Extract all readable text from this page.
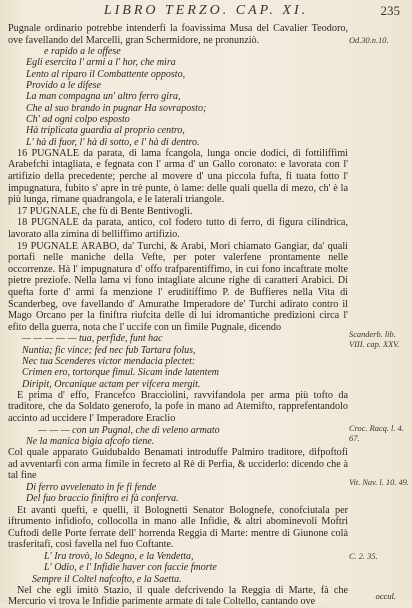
LIBRO TERZO. CAP. XI.	235

Pugnale ordinario potrebbe intenderfi la foavissima Musa del Cavalier Teodoro, ove favellando del Marcelli, gran Schermidore, ne pronunziò.

e rapido a le offese
Egli esercita l' armi a l' hor, che mira
Lento al riparo il Combattente opposto,
Provido a le difese
La man compagna un' altro ferro gira,
Che al suo brando in pugnar Ha sovraposto;
Ch' ad ogni colpo esposto
Hà triplicata guardia al proprio centro,
L' hà di fuor, l' hà di sotto, e l' hà di dentro.

16 PUGNALE da parata, di lama fcangola, lunga oncie dodici, di fottiliffimi Arabefchi intagliata, e fegnata con l' arma d' un Gallo coronato: e lavorata con l' artifizio della precedente; perche al movere d' una piccola fufta, fi tuata fotto l' impugnatura, fubito s' apre in trè punte, ò lame: delle quali quella di mezo, ch' è la più lunga, rimane quadrangola, e le laterali triangole.

17 PUGNALE, che fù di Bente Bentivogli.

18 PUGNALE da parata, antico, col fodero tutto di ferro, di figura cilindrica, lavorato alla zimina di belliffimo artifizio.

19 PUGNALE ARABO, da' Turchi, & Arabi, Mori chiamato Gangiar, da' quali portafi nelle maniche della Vefte, per poter valerfene prontamente nelle occorrenze. Hà l' impugnatura d' offo trafparentiffimo, in cui fono incaftrate molte pietre preziofe. Nella lama vi fono intagliate alcune righe di caratteri Arabici. Di quefta forte d' armi fa menzione l' eruditiffimo P. de Buffieres nella Vita di Scanderbeg, ove favellando d' Amurathe Imperadore de' Turchi adirato contro il Mago Orcano per la finiftra riufcita delle di lui idromantiche predizioni circa l' efito della guerra, nota che l' uccife con un fimile Pugnale, dicendo

— — — — — tua, perfide, funt hac
Nuntia; fic vince; fed nec fub Tartara folus,
Nec tua Scenderes victor mendacia plectet:
Crimen ero, tortorque fimul. Sicam inde latentem
Diripit, Orcanique actam per vifcera mergit.

E prima d' effo, Francefco Bracciolini, ravvifandola per arma più tofto da traditore, che da Soldato generofo, la pofe in mano ad Atemifto, rapprefentandolo accinto ad uccidere l' Imperadore Eraclio

— — — con un Pugnal, che di veleno armato
Ne la manica bigia afcofo tiene.

Col quale apparato Guidubaldo Benamati introduffe Palmiro traditore, difpoftofi ad avventarfi con arma fimile in fecreto al Rè di Perfia, & ucciderlo: dicendo che à tal fine

Di ferro avvelenato in fe fi fende
Del fuo braccio finiftro ei fà conferva.

Et avanti quefti, e quelli, il Bolognetti Senator Bolognefe, conofciutala per iftrumento infidiofo, collocolla in mano alle Infidie, & altri abominevoli Moftri Cuftodi delle Porte ferrate dell' horrenda Reggia di Marte: mentre di Giunone colà trasferitafi, così favella nel fuo Coftante.

L' Ira trovò, lo Sdegno, e la Vendetta,
L' Odio, e l' Infidie haver con faccie fmorte
Sempre il Coltel nafcofto, e la Saetta.

Nel che egli imitò Stazio, il quale defcrivendo la Reggia di Marte, fà che Mercurio vi trova le Infidie parimente armate di tale Coltello, cantando ove

Od.30.n.10.
Scanderb. lib. VIII. cap. XXV.
Croc. Racq. l. 4. 67.
Vit. Nav. l. 10. 49.
C. 2. 35.
occul.
